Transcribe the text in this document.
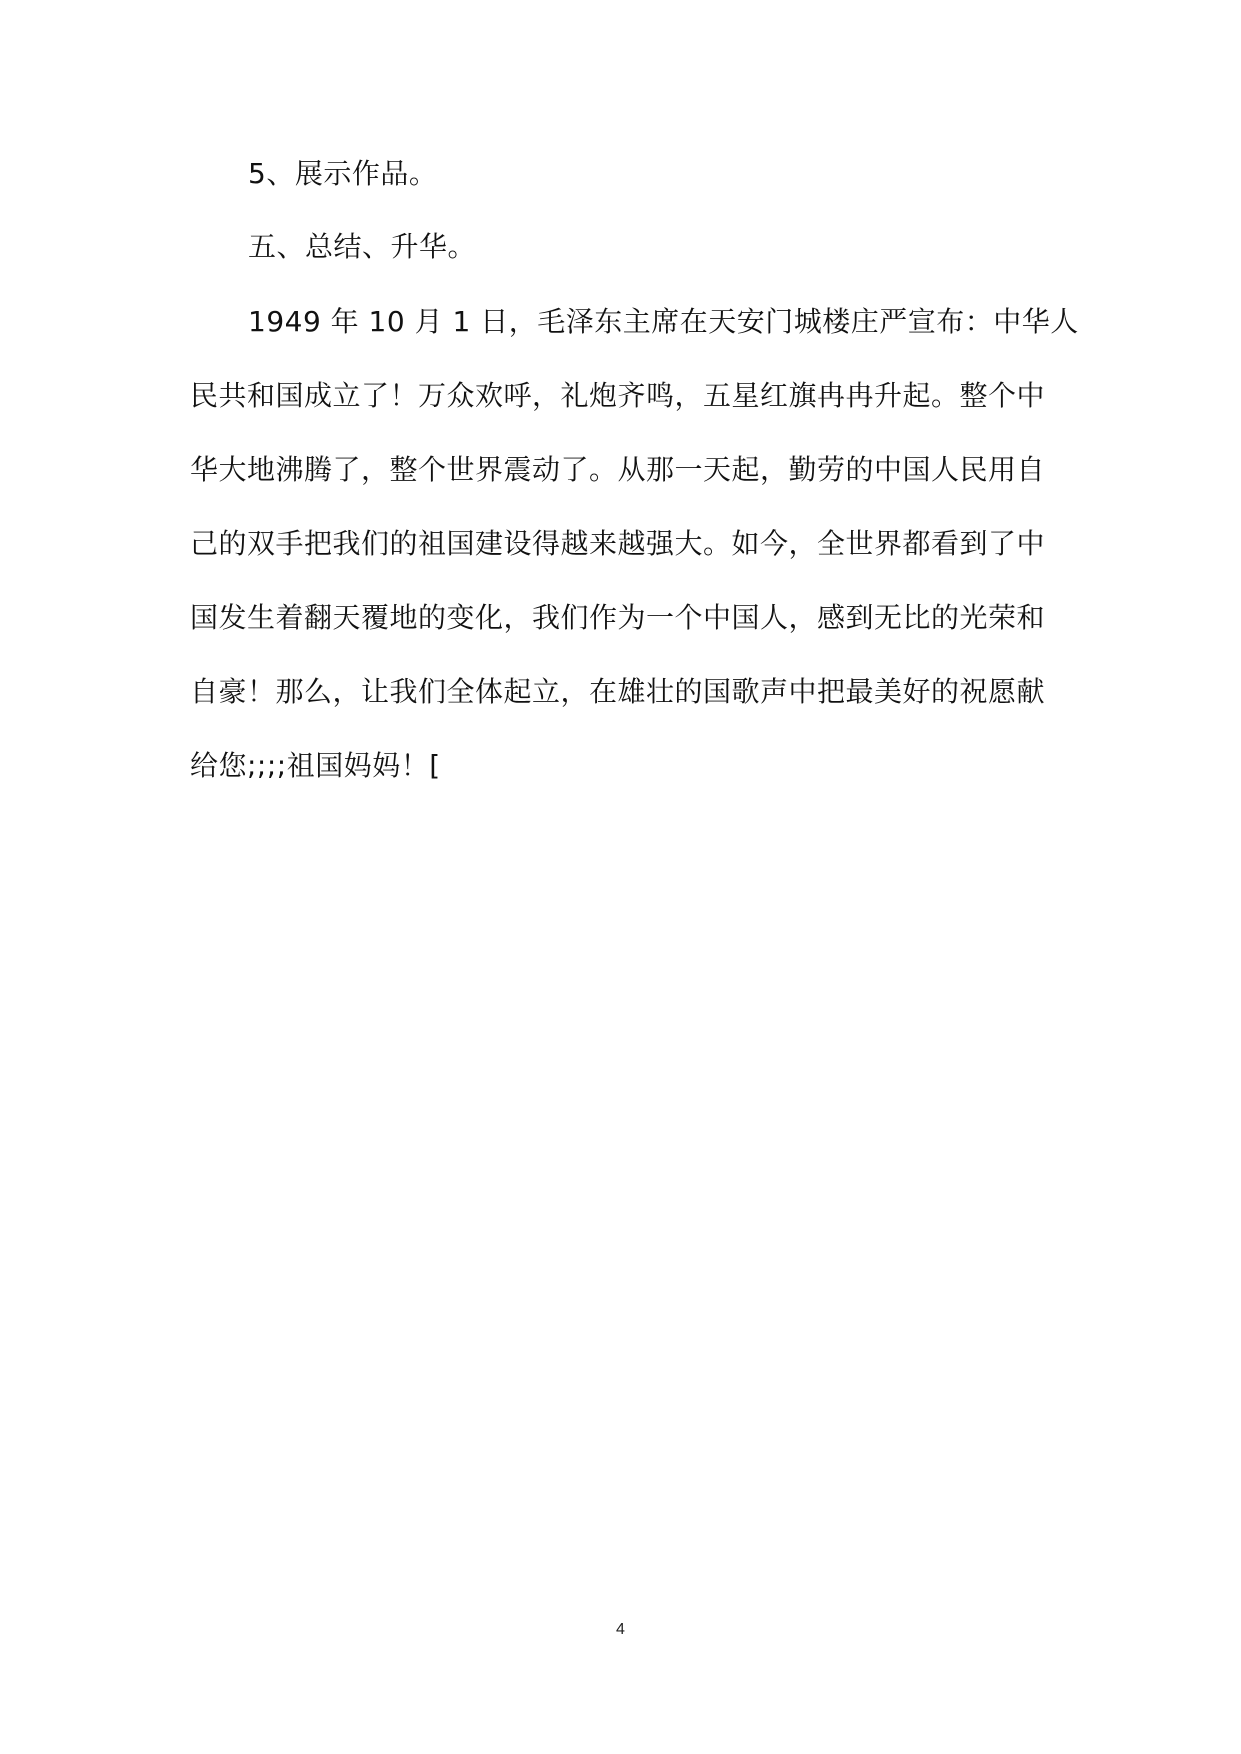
5、展示作品。
五、总结、升华。
1949 年 10 月 1 日，毛泽东主席在天安门城楼庄严宣布：中华人
民共和国成立了！万众欢呼，礼炮齐鸣，五星红旗冉冉升起。整个中
华大地沸腾了，整个世界震动了。从那一天起，勤劳的中国人民用自
己的双手把我们的祖国建设得越来越强大。如今，全世界都看到了中
国发生着翻天覆地的变化，我们作为一个中国人，感到无比的光荣和
自豪！那么，让我们全体起立，在雄壮的国歌声中把最美好的祝愿献
给您;;;;祖国妈妈！[
4
